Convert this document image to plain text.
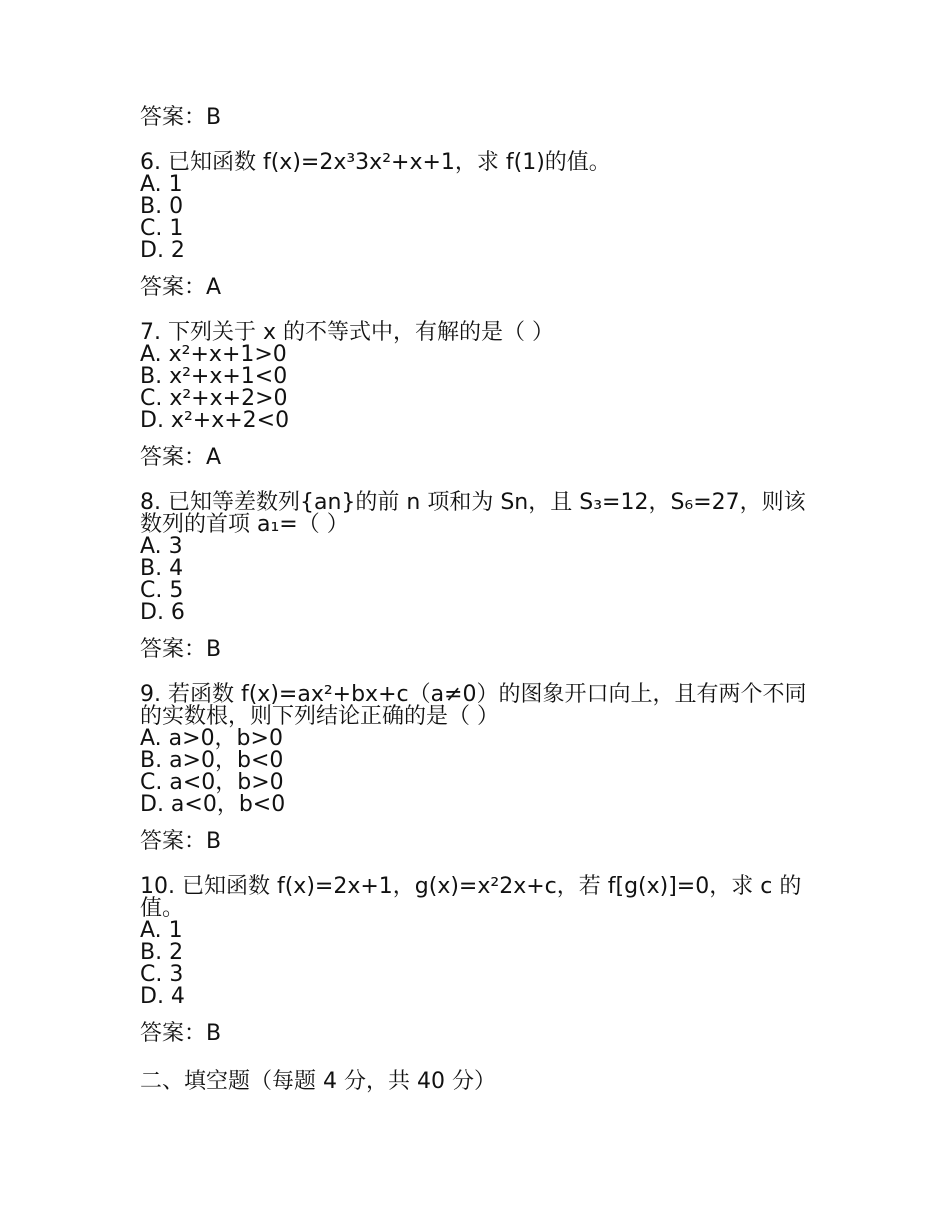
答案：B

6. 已知函数 f(x)=2x³3x²+x+1，求 f(1)的值。

A. 1
B. 0
C. 1
D. 2

答案：A

7. 下列关于 x 的不等式中，有解的是（ ）

A. x²+x+1>0
B. x²+x+1<0
C. x²+x+2>0
D. x²+x+2<0

答案：A

8. 已知等差数列{an}的前 n 项和为 Sn，且 S₃=12，S₆=27，则该数列的首项 a₁=（ ）

A. 3
B. 4
C. 5
D. 6

答案：B

9. 若函数 f(x)=ax²+bx+c（a≠0）的图象开口向上，且有两个不同的实数根，则下列结论正确的是（ ）

A. a>0，b>0
B. a>0，b<0
C. a<0，b>0
D. a<0，b<0

答案：B

10. 已知函数 f(x)=2x+1，g(x)=x²2x+c，若 f[g(x)]=0，求 c 的值。

A. 1
B. 2
C. 3
D. 4

答案：B

二、填空题（每题 4 分，共 40 分）
